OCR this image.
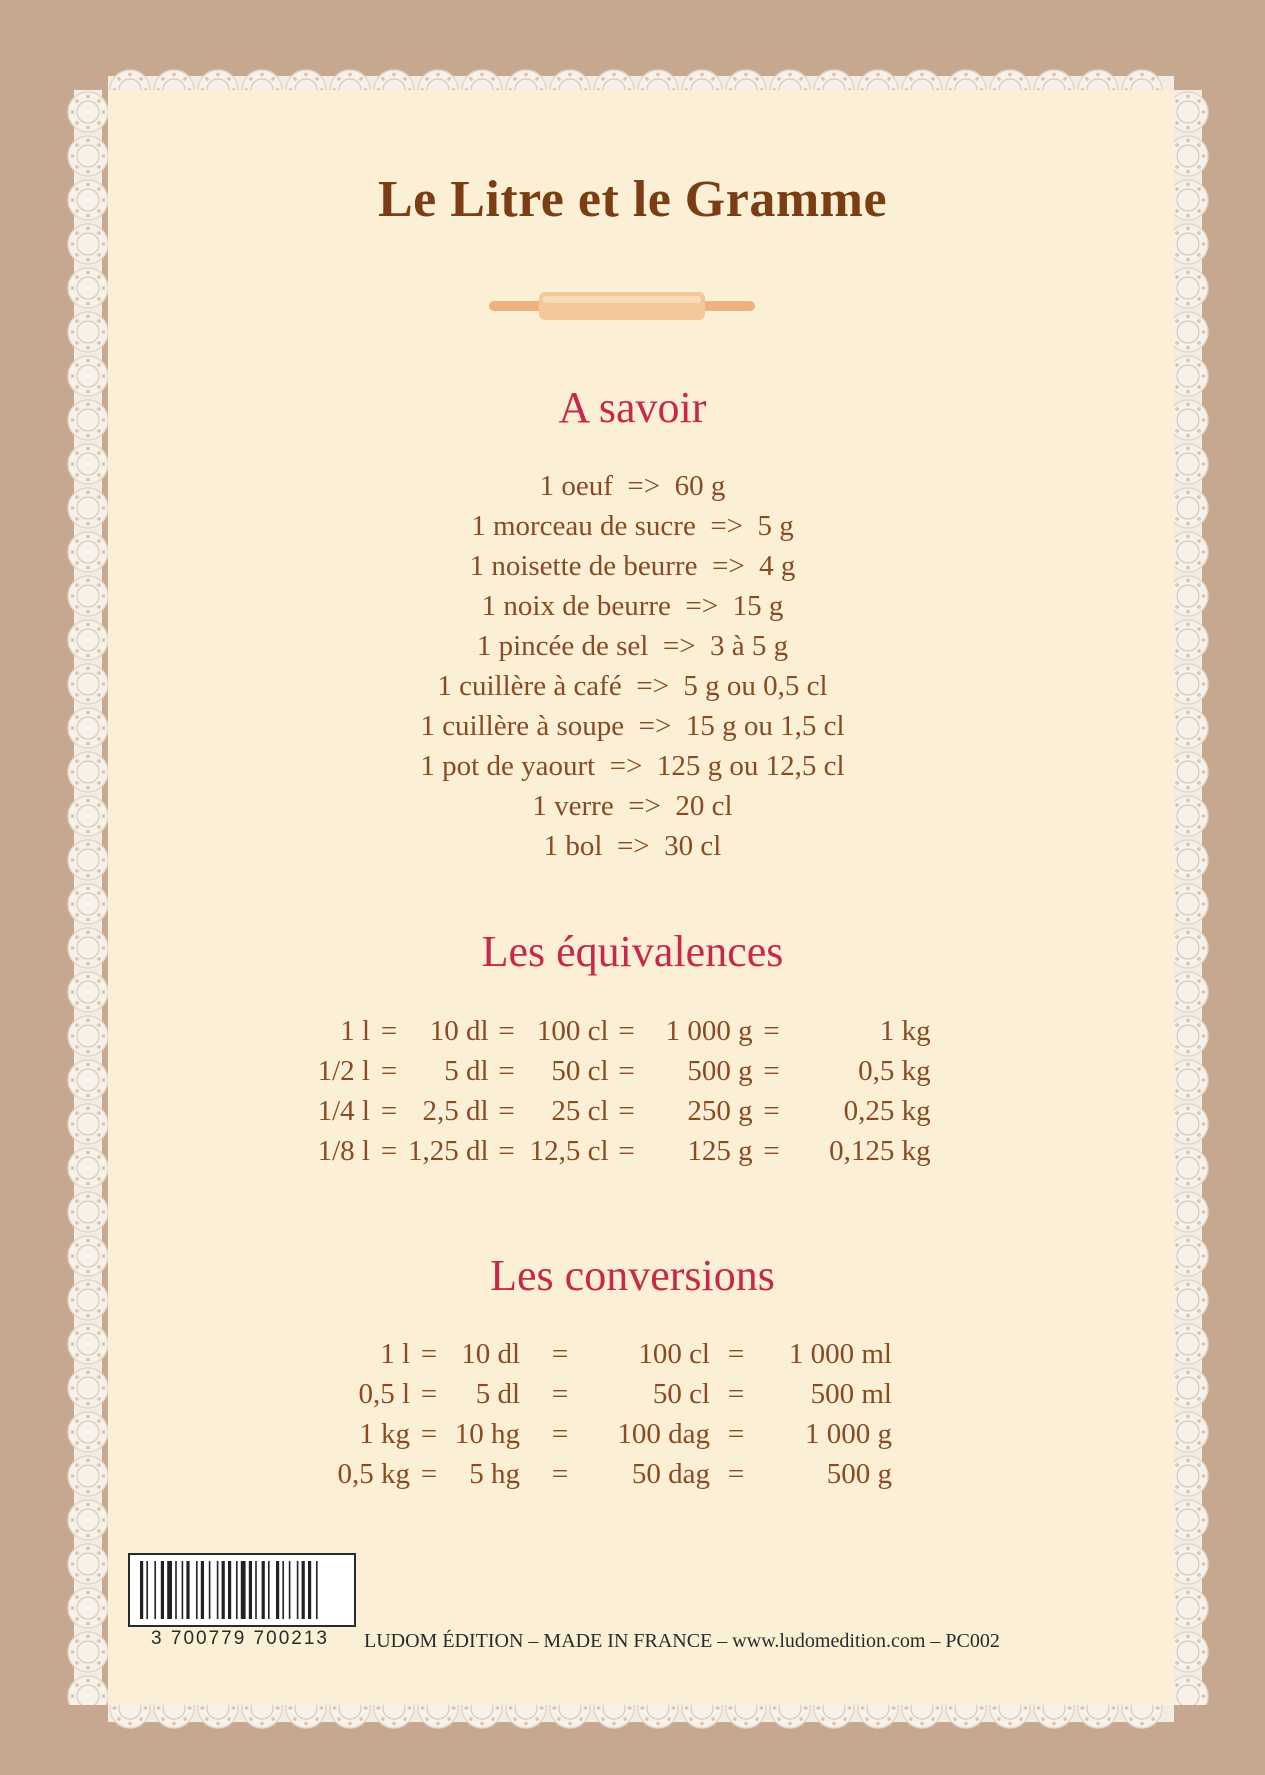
Le Litre et le Gramme
A savoir
1 oeuf  =>  60 g
1 morceau de sucre  =>  5 g
1 noisette de beurre  =>  4 g
1 noix de beurre  =>  15 g
1 pincée de sel  =>  3 à 5 g
1 cuillère à café  =>  5 g ou 0,5 cl
1 cuillère à soupe  =>  15 g ou 1,5 cl
1 pot de yaourt  =>  125 g ou 12,5 cl
1 verre  =>  20 cl
1 bol  =>  30 cl
Les équivalences
1 l	=	10 dl	=	100 cl	=	1 000 g	=	1 kg
1/2 l	=	5 dl	=	50 cl	=	500 g	=	0,5 kg
1/4 l	=	2,5 dl	=	25 cl	=	250 g	=	0,25 kg
1/8 l	=	1,25 dl	=	12,5 cl	=	125 g	=	0,125 kg
Les conversions
1 l	=	10 dl	=	100 cl	=	1 000 ml
0,5 l	=	5 dl	=	50 cl	=	500 ml
1 kg	=	10 hg	=	100 dag	=	1 000 g
0,5 kg	=	5 hg	=	50 dag	=	500 g
3 700779 700213	LUDOM ÉDITION – MADE IN FRANCE – www.ludomedition.com – PC002
